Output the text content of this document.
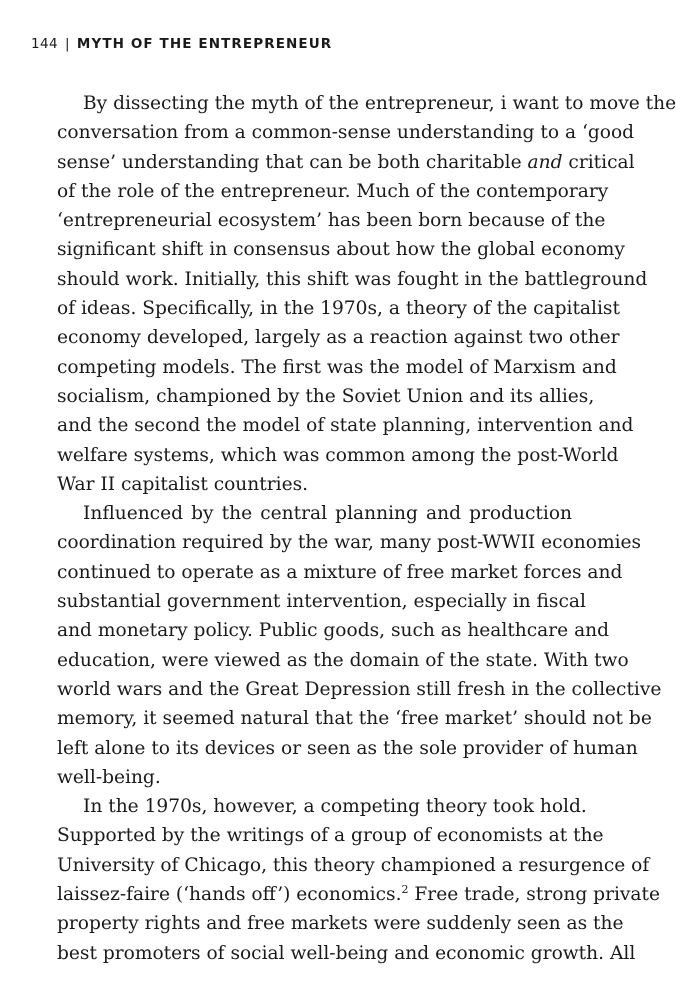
144 | MYTH OF THE ENTREPRENEUR
By dissecting the myth of the entrepreneur, i want to move the
conversation from a common-sense understanding to a ‘good
sense’ understanding that can be both charitable and critical
of the role of the entrepreneur. Much of the contemporary
‘entrepreneurial ecosystem’ has been born because of the
significant shift in consensus about how the global economy
should work. Initially, this shift was fought in the battleground
of ideas. Specifically, in the 1970s, a theory of the capitalist
economy developed, largely as a reaction against two other
competing models. The first was the model of Marxism and
socialism, championed by the Soviet Union and its allies,
and the second the model of state planning, intervention and
welfare systems, which was common among the post-World
War II capitalist countries.
Influenced by the central planning and production
coordination required by the war, many post-WWII economies
continued to operate as a mixture of free market forces and
substantial government intervention, especially in fiscal
and monetary policy. Public goods, such as healthcare and
education, were viewed as the domain of the state. With two
world wars and the Great Depression still fresh in the collective
memory, it seemed natural that the ‘free market’ should not be
left alone to its devices or seen as the sole provider of human
well-being.
In the 1970s, however, a competing theory took hold.
Supported by the writings of a group of economists at the
University of Chicago, this theory championed a resurgence of
laissez-faire (‘hands off’) economics.$^2$ Free trade, strong private
property rights and free markets were suddenly seen as the
best promoters of social well-being and economic growth. All
